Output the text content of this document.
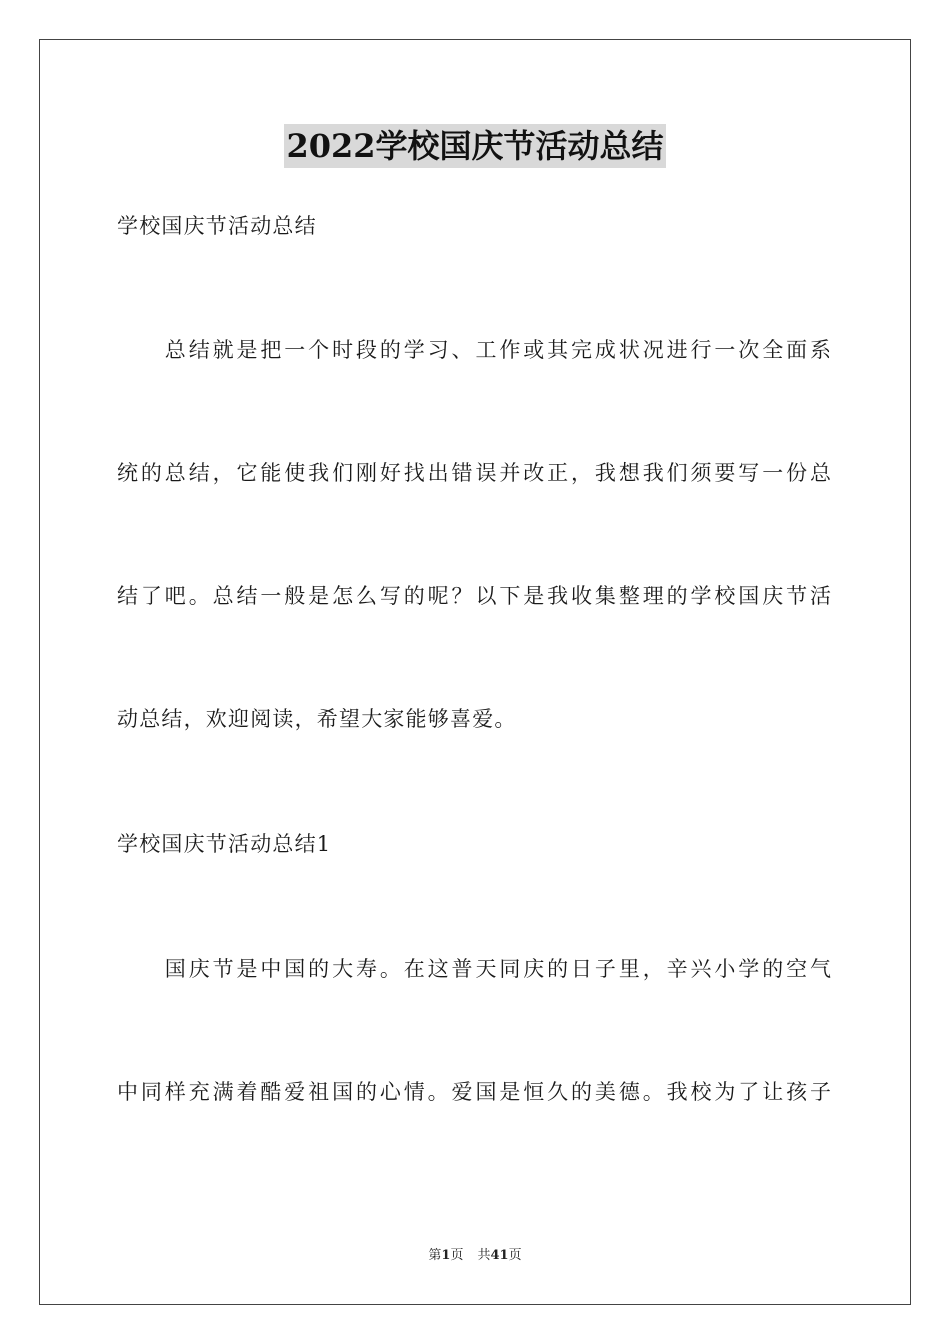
2022学校国庆节活动总结
学校国庆节活动总结
　　总结就是把一个时段的学习、工作或其完成状况进行一次全面系
统的总结，它能使我们刚好找出错误并改正，我想我们须要写一份总
结了吧。总结一般是怎么写的呢？以下是我收集整理的学校国庆节活
动总结，欢迎阅读，希望大家能够喜爱。
学校国庆节活动总结1
　　国庆节是中国的大寿。在这普天同庆的日子里，辛兴小学的空气
中同样充满着酷爱祖国的心情。爱国是恒久的美德。我校为了让孩子
第1页 共41页
